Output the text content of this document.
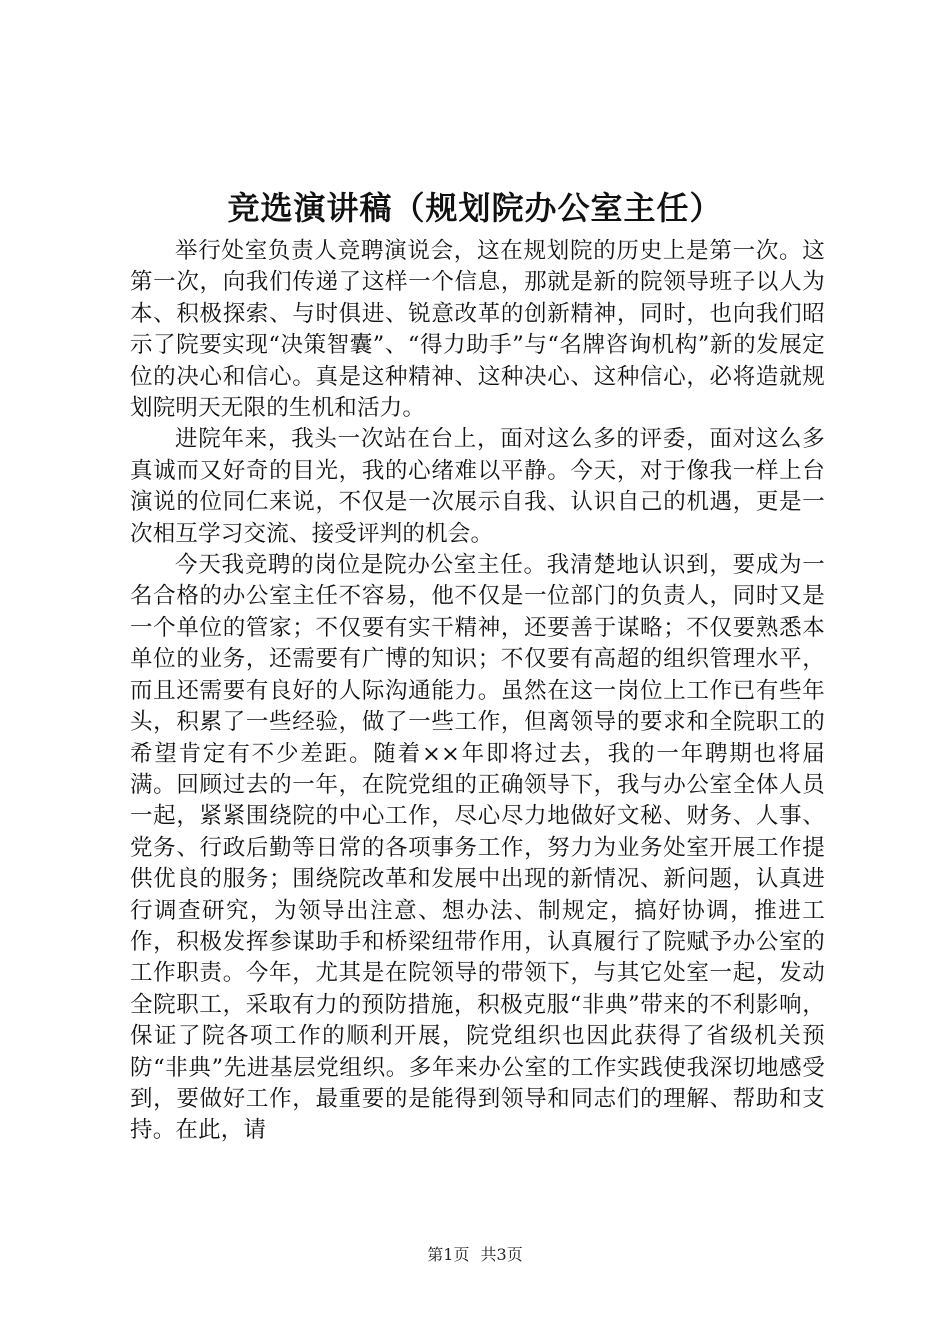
竞选演讲稿（规划院办公室主任）

举行处室负责人竞聘演说会，这在规划院的历史上是第一次。这第一次，向我们传递了这样一个信息，那就是新的院领导班子以人为本、积极探索、与时俱进、锐意改革的创新精神，同时，也向我们昭示了院要实现“决策智囊”、“得力助手”与“名牌咨询机构”新的发展定位的决心和信心。真是这种精神、这种决心、这种信心，必将造就规划院明天无限的生机和活力。

进院年来，我头一次站在台上，面对这么多的评委，面对这么多真诚而又好奇的目光，我的心绪难以平静。今天，对于像我一样上台演说的位同仁来说，不仅是一次展示自我、认识自己的机遇，更是一次相互学习交流、接受评判的机会。

今天我竞聘的岗位是院办公室主任。我清楚地认识到，要成为一名合格的办公室主任不容易，他不仅是一位部门的负责人，同时又是一个单位的管家；不仅要有实干精神，还要善于谋略；不仅要熟悉本单位的业务，还需要有广博的知识；不仅要有高超的组织管理水平，而且还需要有良好的人际沟通能力。虽然在这一岗位上工作已有些年头，积累了一些经验，做了一些工作，但离领导的要求和全院职工的希望肯定有不少差距。随着××年即将过去，我的一年聘期也将届满。回顾过去的一年，在院党组的正确领导下，我与办公室全体人员一起，紧紧围绕院的中心工作，尽心尽力地做好文秘、财务、人事、党务、行政后勤等日常的各项事务工作，努力为业务处室开展工作提供优良的服务；围绕院改革和发展中出现的新情况、新问题，认真进行调查研究，为领导出注意、想办法、制规定，搞好协调，推进工作，积极发挥参谋助手和桥梁纽带作用，认真履行了院赋予办公室的工作职责。今年，尤其是在院领导的带领下，与其它处室一起，发动全院职工，采取有力的预防措施，积极克服“非典”带来的不利影响，保证了院各项工作的顺利开展，院党组织也因此获得了省级机关预防“非典”先进基层党组织。多年来办公室的工作实践使我深切地感受到，要做好工作，最重要的是能得到领导和同志们的理解、帮助和支持。在此，请

第1页 共3页
